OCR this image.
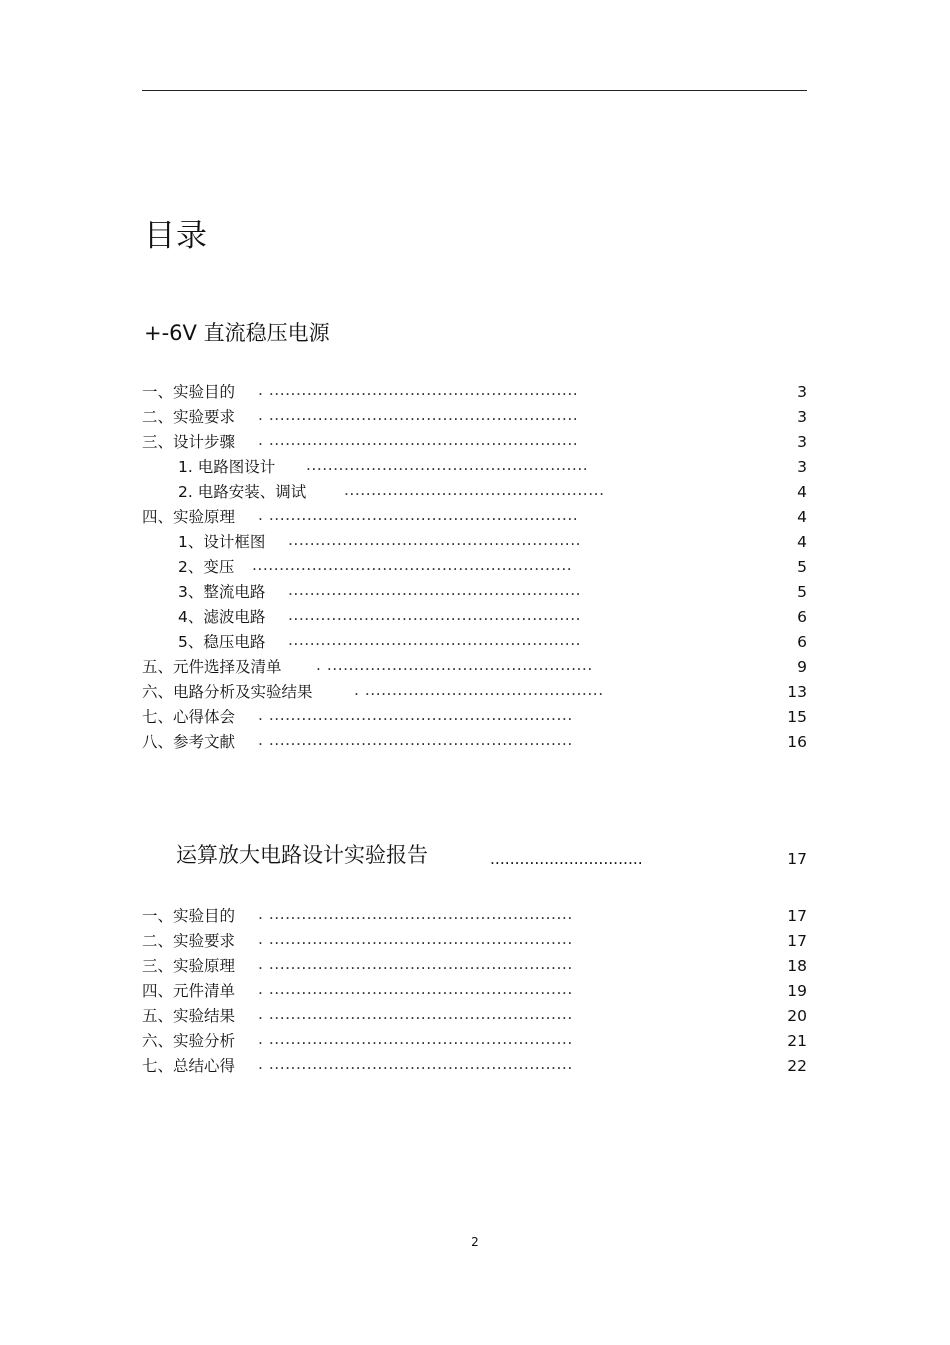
目录
+-6V 直流稳压电源
一、实验目的 . .........................................................	3
二、实验要求 . .........................................................	3
三、设计步骤 . .........................................................	3
1. 电路图设计 ....................................................	3
2. 电路安装、调试 ................................................	4
四、实验原理 . .........................................................	4
1、设计框图 ......................................................	4
2、变压 ...........................................................	5
3、整流电路 ......................................................	5
4、滤波电路 ......................................................	6
5、稳压电路 ......................................................	6
五、元件选择及清单 . .................................................	9
六、电路分析及实验结果	. ............................................	13
七、心得体会 . ........................................................	15
八、参考文献 . ........................................................	16
运算放大电路设计实验报告	...............................	17
一、实验目的 . ........................................................	17
二、实验要求 . ........................................................	17
三、实验原理 . ........................................................	18
四、元件清单 . ........................................................	19
五、实验结果 . ........................................................	20
六、实验分析 . ........................................................	21
七、总结心得 . ........................................................	22
2
